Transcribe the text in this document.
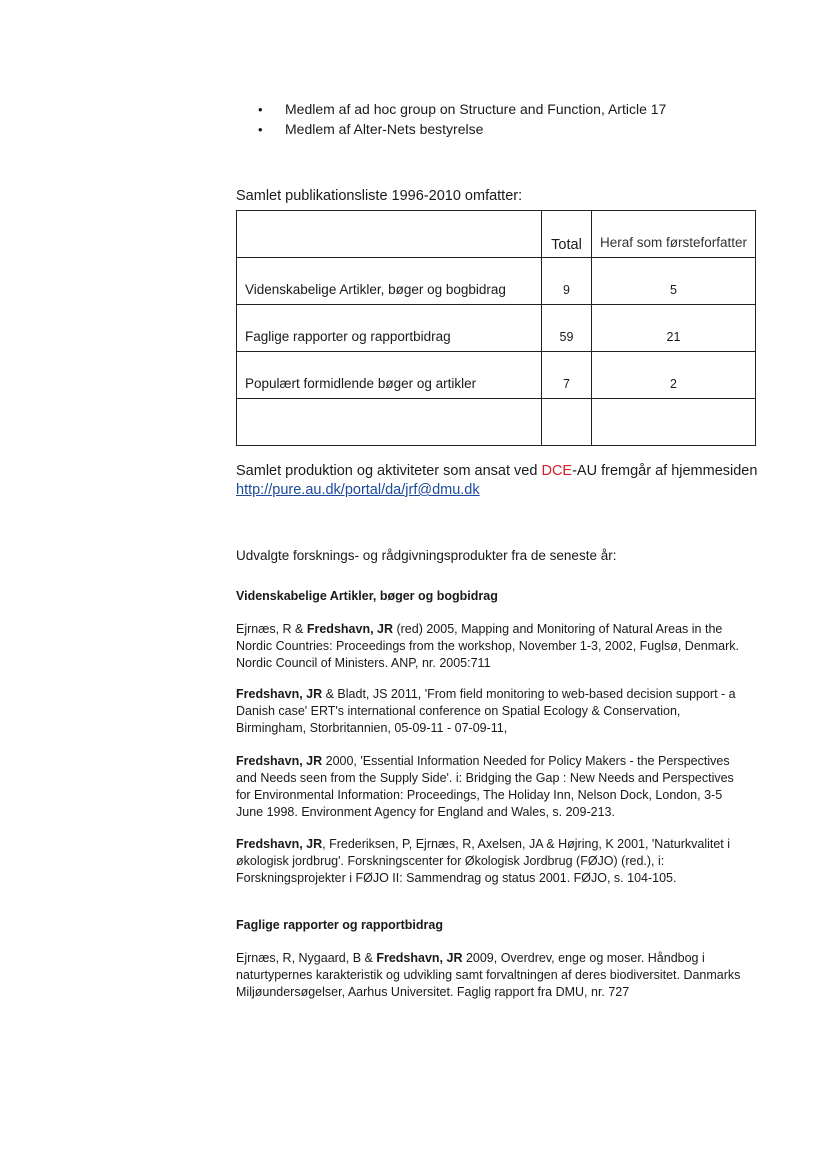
• Medlem af ad hoc group on Structure and Function, Article 17
• Medlem af Alter-Nets bestyrelse
Samlet publikationsliste 1996-2010 omfatter:
	Total	Heraf som førsteforfatter
Videnskabelige Artikler, bøger og bogbidrag	9	5
Faglige rapporter og rapportbidrag	59	21
Populært formidlende bøger og artikler	7	2

Samlet produktion og aktiviteter som ansat ved DCE-AU fremgår af hjemmesiden
http://pure.au.dk/portal/da/jrf@dmu.dk
Udvalgte forsknings- og rådgivningsprodukter fra de seneste år:
Videnskabelige Artikler, bøger og bogbidrag
Ejrnæs, R & Fredshavn, JR (red) 2005, Mapping and Monitoring of Natural Areas in the
Nordic Countries: Proceedings from the workshop, November 1-3, 2002, Fuglsø, Denmark.
Nordic Council of Ministers. ANP, nr. 2005:711
Fredshavn, JR & Bladt, JS 2011, 'From field monitoring to web-based decision support - a
Danish case' ERT's international conference on Spatial Ecology & Conservation,
Birmingham, Storbritannien, 05-09-11 - 07-09-11,
Fredshavn, JR 2000, 'Essential Information Needed for Policy Makers - the Perspectives
and Needs seen from the Supply Side'. i: Bridging the Gap : New Needs and Perspectives
for Environmental Information: Proceedings, The Holiday Inn, Nelson Dock, London, 3-5
June 1998. Environment Agency for England and Wales, s. 209-213.
Fredshavn, JR, Frederiksen, P, Ejrnæs, R, Axelsen, JA & Højring, K 2001, 'Naturkvalitet i
økologisk jordbrug'. Forskningscenter for Økologisk Jordbrug (FØJO) (red.), i:
Forskningsprojekter i FØJO II: Sammendrag og status 2001. FØJO, s. 104-105.
Faglige rapporter og rapportbidrag
Ejrnæs, R, Nygaard, B & Fredshavn, JR 2009, Overdrev, enge og moser. Håndbog i
naturtypernes karakteristik og udvikling samt forvaltningen af deres biodiversitet. Danmarks
Miljøundersøgelser, Aarhus Universitet. Faglig rapport fra DMU, nr. 727
